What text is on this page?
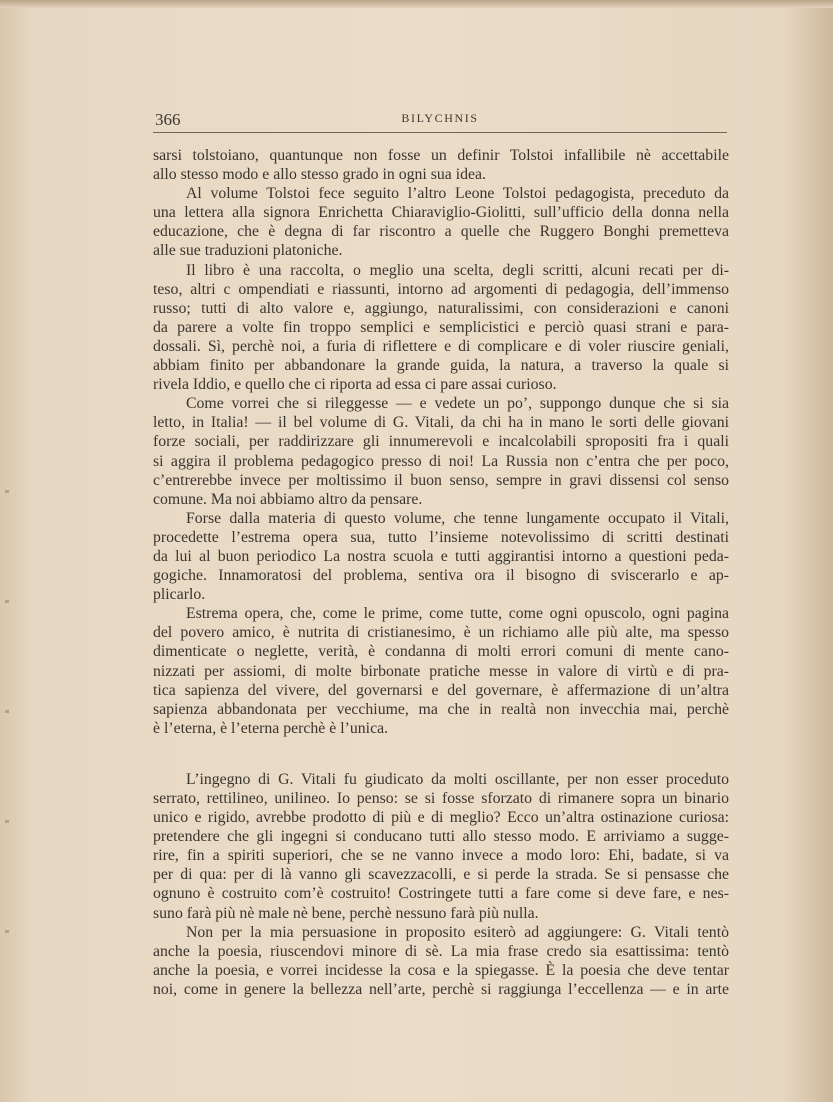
366	BILYCHNIS
sarsi tolstoiano, quantunque non fosse un definir Tolstoi infallibile nè accettabile
allo stesso modo e allo stesso grado in ogni sua idea.
Al volume Tolstoi fece seguito l’altro Leone Tolstoi pedagogista, preceduto da
una lettera alla signora Enrichetta Chiaraviglio-Giolitti, sull’ufficio della donna nella
educazione, che è degna di far riscontro a quelle che Ruggero Bonghi premetteva
alle sue traduzioni platoniche.
Il libro è una raccolta, o meglio una scelta, degli scritti, alcuni recati per di-
teso, altri c ompendiati e riassunti, intorno ad argomenti di pedagogia, dell’immenso
russo; tutti di alto valore e, aggiungo, naturalissimi, con considerazioni e canoni
da parere a volte fin troppo semplici e semplicistici e perciò quasi strani e para-
dossali. Sì, perchè noi, a furia di riflettere e di complicare e di voler riuscire geniali,
abbiam finito per abbandonare la grande guida, la natura, a traverso la quale si
rivela Iddio, e quello che ci riporta ad essa ci pare assai curioso.
Come vorrei che si rileggesse — e vedete un po’, suppongo dunque che si sia
letto, in Italia! — il bel volume di G. Vitali, da chi ha in mano le sorti delle giovani
forze sociali, per raddirizzare gli innumerevoli e incalcolabili spropositi fra i quali
si aggira il problema pedagogico presso di noi! La Russia non c’entra che per poco,
c’entrerebbe invece per moltissimo il buon senso, sempre in gravi dissensi col senso
comune. Ma noi abbiamo altro da pensare.
Forse dalla materia di questo volume, che tenne lungamente occupato il Vitali,
procedette l’estrema opera sua, tutto l’insieme notevolissimo di scritti destinati
da lui al buon periodico La nostra scuola e tutti aggirantisi intorno a questioni peda-
gogiche. Innamoratosi del problema, sentiva ora il bisogno di sviscerarlo e ap-
plicarlo.
Estrema opera, che, come le prime, come tutte, come ogni opuscolo, ogni pagina
del povero amico, è nutrita di cristianesimo, è un richiamo alle più alte, ma spesso
dimenticate o neglette, verità, è condanna di molti errori comuni di mente cano-
nizzati per assiomi, di molte birbonate pratiche messe in valore di virtù e di pra-
tica sapienza del vivere, del governarsi e del governare, è affermazione di un’altra
sapienza abbandonata per vecchiume, ma che in realtà non invecchia mai, perchè
è l’eterna, è l’eterna perchè è l’unica.
L’ingegno di G. Vitali fu giudicato da molti oscillante, per non esser proceduto
serrato, rettilineo, unilineo. Io penso: se si fosse sforzato di rimanere sopra un binario
unico e rigido, avrebbe prodotto di più e di meglio? Ecco un’altra ostinazione curiosa:
pretendere che gli ingegni si conducano tutti allo stesso modo. E arriviamo a sugge-
rire, fin a spiriti superiori, che se ne vanno invece a modo loro: Ehi, badate, si va
per di qua: per di là vanno gli scavezzacolli, e si perde la strada. Se si pensasse che
ognuno è costruito com’è costruito! Costringete tutti a fare come si deve fare, e nes-
suno farà più nè male nè bene, perchè nessuno farà più nulla.
Non per la mia persuasione in proposito esiterò ad aggiungere: G. Vitali tentò
anche la poesia, riuscendovi minore di sè. La mia frase credo sia esattissima: tentò
anche la poesia, e vorrei incidesse la cosa e la spiegasse. È la poesia che deve tentar
noi, come in genere la bellezza nell’arte, perchè si raggiunga l’eccellenza — e in arte
